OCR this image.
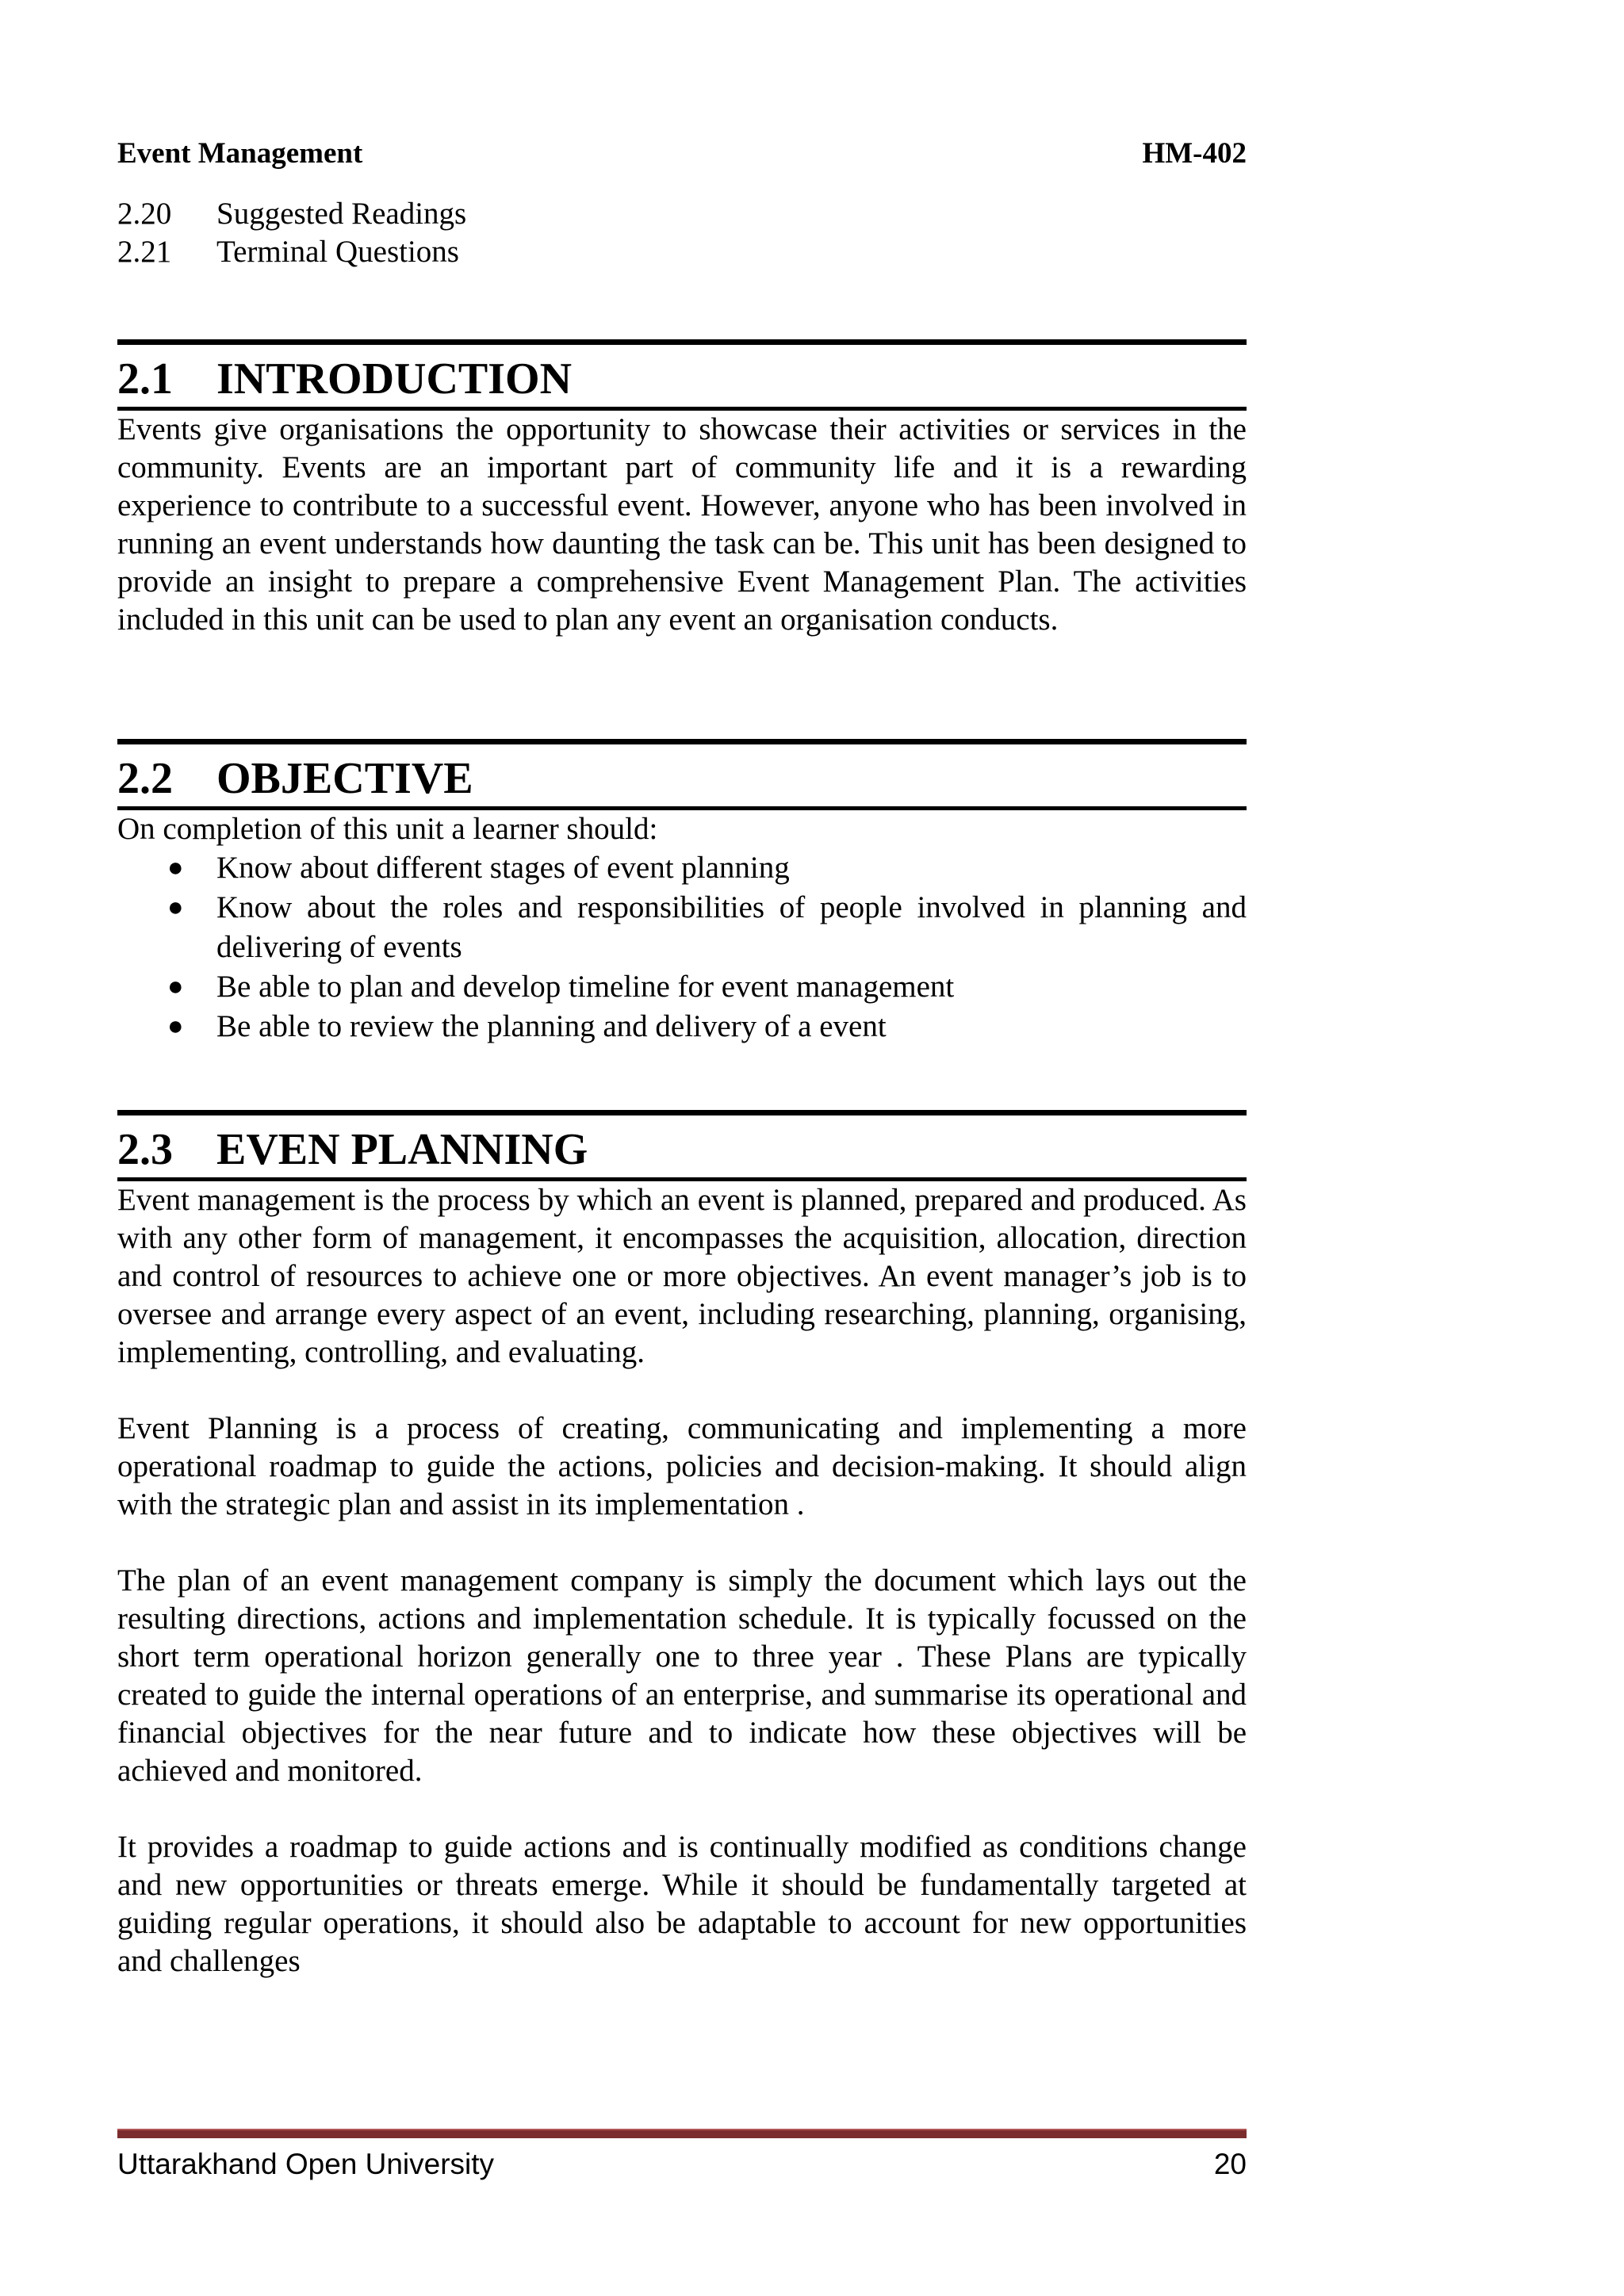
Event Management	HM-402
2.20	Suggested Readings
2.21	Terminal Questions
2.1 INTRODUCTION

Events give organisations the opportunity to showcase their activities or services in the community. Events are an important part of community life and it is a rewarding experience to contribute to a successful event. However, anyone who has been involved in running an event understands how daunting the task can be. This unit has been designed to provide an insight to prepare a comprehensive Event Management Plan. The activities included in this unit can be used to plan any event an organisation conducts.

2.2 OBJECTIVE

On completion of this unit a learner should:

● Know about different stages of event planning
● Know about the roles and responsibilities of people involved in planning and delivering of events
● Be able to plan and develop timeline for event management
● Be able to review the planning and delivery of a event
2.3 EVEN PLANNING

Event management is the process by which an event is planned, prepared and produced. As with any other form of management, it encompasses the acquisition, allocation, direction and control of resources to achieve one or more objectives. An event manager’s job is to oversee and arrange every aspect of an event, including researching, planning, organising, implementing, controlling, and evaluating.

Event Planning is a process of creating, communicating and implementing a more operational roadmap to guide the actions, policies and decision-making. It should align with the strategic plan and assist in its implementation .

The plan of an event management company is simply the document which lays out the resulting directions, actions and implementation schedule. It is typically focussed on the short term operational horizon generally one to three year . These Plans are typically created to guide the internal operations of an enterprise, and summarise its operational and financial objectives for the near future and to indicate how these objectives will be achieved and monitored.

It provides a roadmap to guide actions and is continually modified as conditions change and new opportunities or threats emerge. While it should be fundamentally targeted at guiding regular operations, it should also be adaptable to account for new opportunities and challenges

Uttarakhand Open University	20
